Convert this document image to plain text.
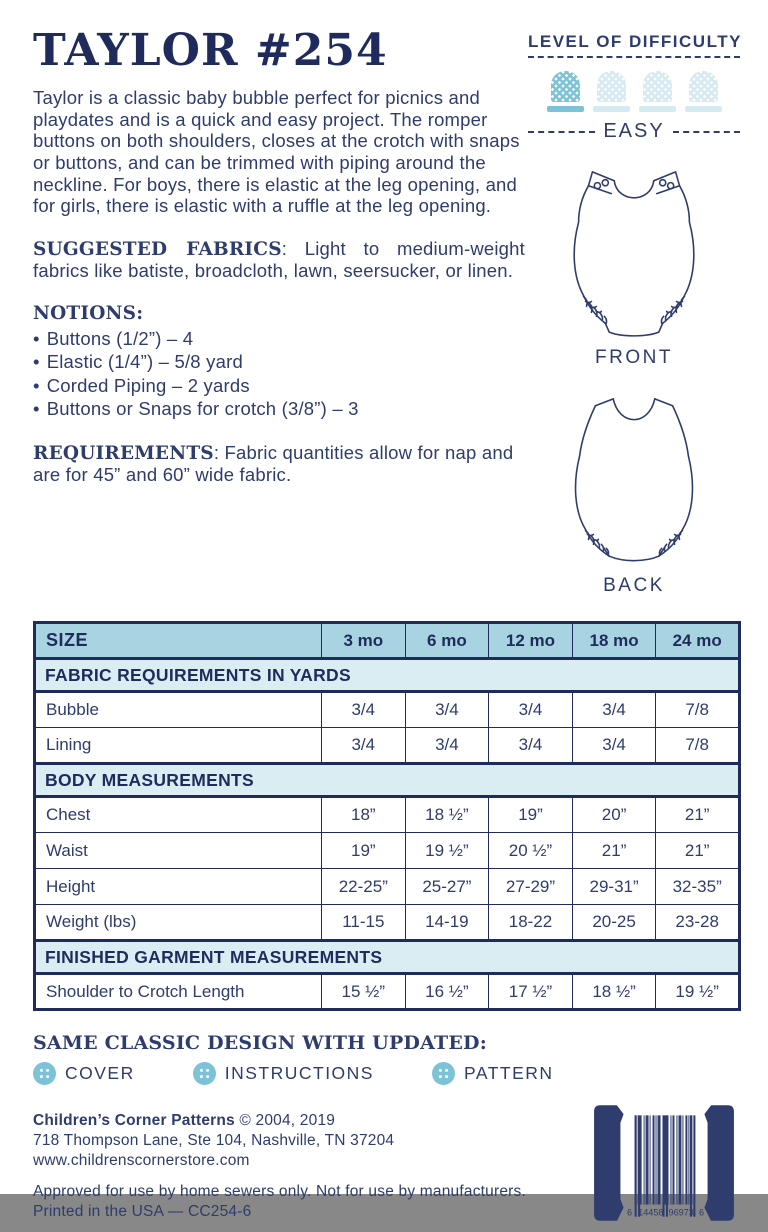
TAYLOR #254
Taylor is a classic baby bubble perfect for picnics and playdates and is a quick and easy project. The romper buttons on both shoulders, closes at the crotch with snaps or buttons, and can be trimmed with piping around the neckline. For boys, there is elastic at the leg opening, and for girls, there is elastic with a ruffle at the leg opening.
SUGGESTED FABRICS: Light to medium-weight fabrics like batiste, broadcloth, lawn, seersucker, or linen.
NOTIONS:
• Buttons (1/2”) – 4
• Elastic (1/4”) – 5/8 yard
• Corded Piping – 2 yards
• Buttons or Snaps for crotch (3/8”) – 3
REQUIREMENTS: Fabric quantities allow for nap and are for 45” and 60” wide fabric.
LEVEL OF DIFFICULTY
EASY
FRONT
BACK
SIZE	3 mo	6 mo	12 mo	18 mo	24 mo
FABRIC REQUIREMENTS IN YARDS					
Bubble	3/4	3/4	3/4	3/4	7/8
Lining	3/4	3/4	3/4	3/4	7/8
BODY MEASUREMENTS					
Chest	18”	18 ½”	19”	20”	21”
Waist	19”	19 ½”	20 ½”	21”	21”
Height	22-25”	25-27”	27-29”	29-31”	32-35”
Weight (lbs)	11-15	14-19	18-22	20-25	23-28
FINISHED GARMENT MEASUREMENTS					
Shoulder to Crotch Length	15 ½”	16 ½”	17 ½”	18 ½”	19 ½”
SAME CLASSIC DESIGN WITH UPDATED:
COVER	INSTRUCTIONS	PATTERN
Children’s Corner Patterns © 2004, 2019
718 Thompson Lane, Ste 104, Nashville, TN 37204
www.childrenscornerstore.com
Approved for use by home sewers only. Not for use by manufacturers.
Printed in the USA — CC254-6	6 14458 96973 6
